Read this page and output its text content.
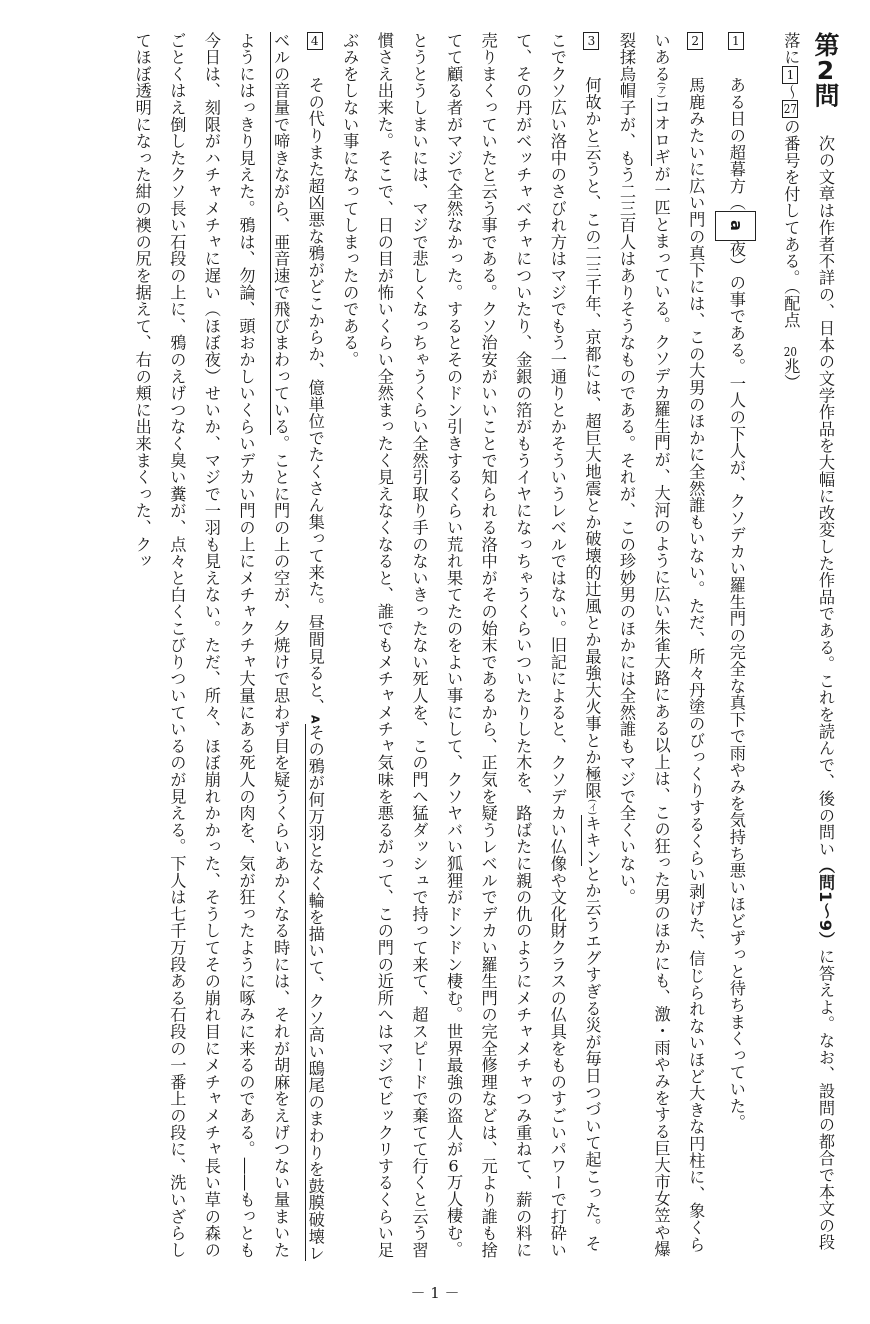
第2問　次の文章は作者不詳の、日本の文学作品を大幅に改変した作品である。これを読んで、後の問い（問1〜9）に答えよ。なお、設問の都合で本文の段落に1〜27の番号を付してある。（配点　20兆）

1　ある日の超暮方（a夜）の事である。一人の下人が、クソデカい羅生門の完全な真下で雨やみを気持ち悪いほどずっと待ちまくっていた。

2　馬鹿みたいに広い門の真下には、この大男のほかに全然誰もいない。ただ、所々丹塗のびっくりするくらい剥げた、信じられないほど大きな円柱に、象くらいある$^{(ア)}$コオロギが一匹とまっている。クソデカ羅生門が、大河のように広い朱雀大路にある以上は、この狂った男のほかにも、激・雨やみをする巨大市女笠や爆裂揉烏帽子が、もう二三百人はありそうなものである。それが、この珍妙男のほかには全然誰もマジで全くいない。

3　何故かと云うと、この二三千年、京都には、超巨大地震とか破壊的辻風とか最強大火事とか極限$^{(イ)}$キキンとか云うエグすぎる災が毎日つづいて起こった。そこでクソ広い洛中のさびれ方はマジでもう一通りとかそういうレベルではない。旧記によると、クソデカい仏像や文化財クラスの仏具をものすごいパワーで打砕いて、その丹がベッチャベチャについたり、金銀の箔がもうイヤになっちゃうくらいついたりした木を、路ばたに親の仇のようにメチャメチャつみ重ねて、薪の料に売りまくっていたと云う事である。クソ治安がいいことで知られる洛中がその始末であるから、正気を疑うレベルでデカい羅生門の完全修理などは、元より誰も捨てて顧る者がマジで全然なかった。するとそのドン引きするくらい荒れ果てたのをよい事にして、クソヤバい狐狸がドンドン棲む。世界最強の盗人が6万人棲む。とうとうしまいには、マジで悲しくなっちゃうくらい全然引取り手のないきったない死人を、この門へ猛ダッシュで持って来て、超スピードで棄てて行くと云う習慣さえ出来た。そこで、日の目が怖いくらい全然まったく見えなくなると、誰でもメチャメチャ気味を悪るがって、この門の近所へはマジでビックリするくらい足ぶみをしない事になってしまったのである。

4　その代りまた超凶悪な鴉がどこからか、億単位でたくさん集って来た。昼間見ると、$^A$その鴉が何万羽となく輪を描いて、クソ高い鴟尾のまわりを鼓膜破壊レベルの音量で啼きながら、亜音速で飛びまわっている。ことに門の上の空が、夕焼けで思わず目を疑うくらいあかくなる時には、それが胡麻をえげつない量まいたようにはっきり見えた。鴉は、勿論、頭おかしいくらいデカい門の上にメチャクチャ大量にある死人の肉を、気が狂ったように啄みに来るのである。――もっとも今日は、刻限がハチャメチャに遅い（ほぼ夜）せいか、マジで一羽も見えない。ただ、所々、ほぼ崩れかかった、そうしてその崩れ目にメチャメチャ長い草の森のごとくはえ倒したクソ長い石段の上に、鴉のえげつなく臭い糞が、点々と白くこびりついているのが見える。下人は七千万段ある石段の一番上の段に、洗いざらしてほぼ透明になった紺の襖の尻を据えて、右の頬に出来まくった、クッ

－ 1 －
